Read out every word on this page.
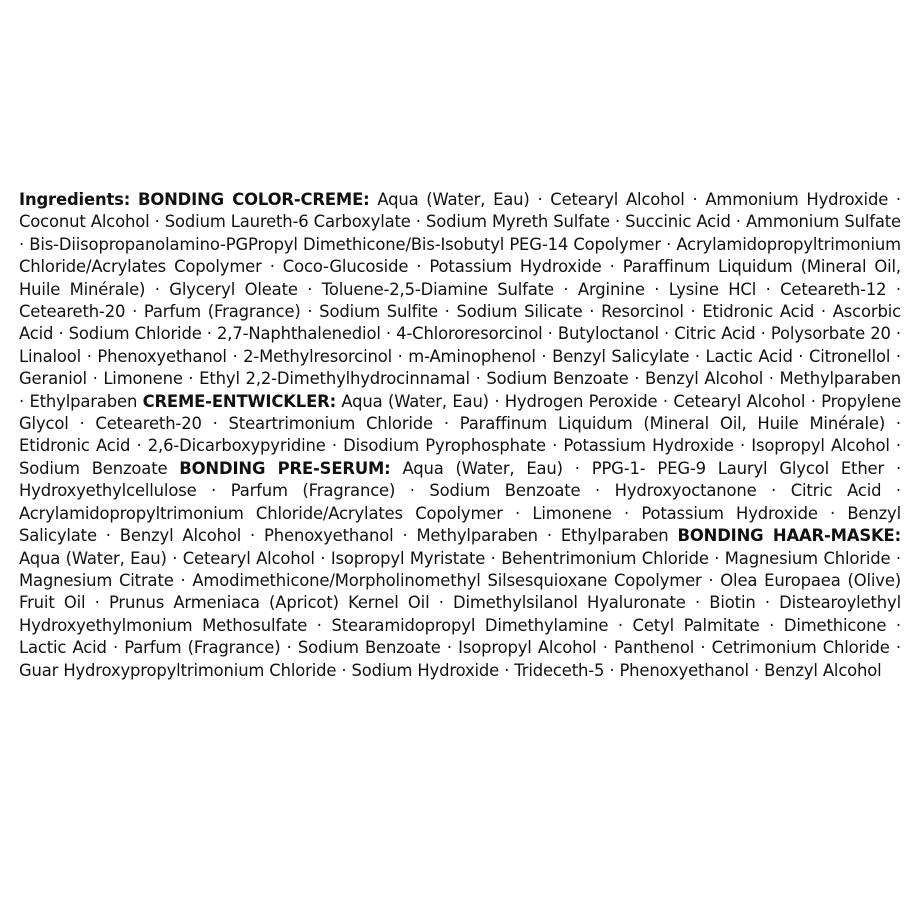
Ingredients: BONDING COLOR-CREME: Aqua (Water, Eau) · Cetearyl Alcohol · Ammonium Hydroxide · Coconut Alcohol · Sodium Laureth-6 Carboxylate · Sodium Myreth Sulfate · Succinic Acid · Ammonium Sulfate · Bis-Diisopropanolamino-PGPropyl Dimethicone/Bis-Isobutyl PEG-14 Copolymer · Acrylamidopropyltrimonium Chloride/Acrylates Copolymer · Coco-Glucoside · Potassium Hydroxide · Paraffinum Liquidum (Mineral Oil, Huile Minérale) · Glyceryl Oleate · Toluene-2,5-Diamine Sulfate · Arginine · Lysine HCl · Ceteareth-12 · Ceteareth-20 · Parfum (Fragrance) · Sodium Sulfite · Sodium Silicate · Resorcinol · Etidronic Acid · Ascorbic Acid · Sodium Chloride · 2,7-Naphthalenediol · 4-Chlororesorcinol · Butyloctanol · Citric Acid · Polysorbate 20 · Linalool · Phenoxyethanol · 2-Methylresorcinol · m-Aminophenol · Benzyl Salicylate · Lactic Acid · Citronellol · Geraniol · Limonene · Ethyl 2,2-Dimethylhydrocinnamal · Sodium Benzoate · Benzyl Alcohol · Methylparaben · Ethylparaben CREME-ENTWICKLER: Aqua (Water, Eau) · Hydrogen Peroxide · Cetearyl Alcohol · Propylene Glycol · Ceteareth-20 · Steartrimonium Chloride · Paraffinum Liquidum (Mineral Oil, Huile Minérale) · Etidronic Acid · 2,6-Dicarboxypyridine · Disodium Pyrophosphate · Potassium Hydroxide · Isopropyl Alcohol · Sodium Benzoate BONDING PRE-SERUM: Aqua (Water, Eau) · PPG-1- PEG-9 Lauryl Glycol Ether · Hydroxyethylcellulose · Parfum (Fragrance) · Sodium Benzoate · Hydroxyoctanone · Citric Acid · Acrylamidopropyltrimonium Chloride/Acrylates Copolymer · Limonene · Potassium Hydroxide · Benzyl Salicylate · Benzyl Alcohol · Phenoxyethanol · Methylparaben · Ethylparaben BONDING HAAR-MASKE: Aqua (Water, Eau) · Cetearyl Alcohol · Isopropyl Myristate · Behentrimonium Chloride · Magnesium Chloride · Magnesium Citrate · Amodimethicone/Morpholinomethyl Silsesquioxane Copolymer · Olea Europaea (Olive) Fruit Oil · Prunus Armeniaca (Apricot) Kernel Oil · Dimethylsilanol Hyaluronate · Biotin · Distearoylethyl Hydroxyethylmonium Methosulfate · Stearamidopropyl Dimethylamine · Cetyl Palmitate · Dimethicone · Lactic Acid · Parfum (Fragrance) · Sodium Benzoate · Isopropyl Alcohol · Panthenol · Cetrimonium Chloride · Guar Hydroxypropyltrimonium Chloride · Sodium Hydroxide · Trideceth-5 · Phenoxyethanol · Benzyl Alcohol
